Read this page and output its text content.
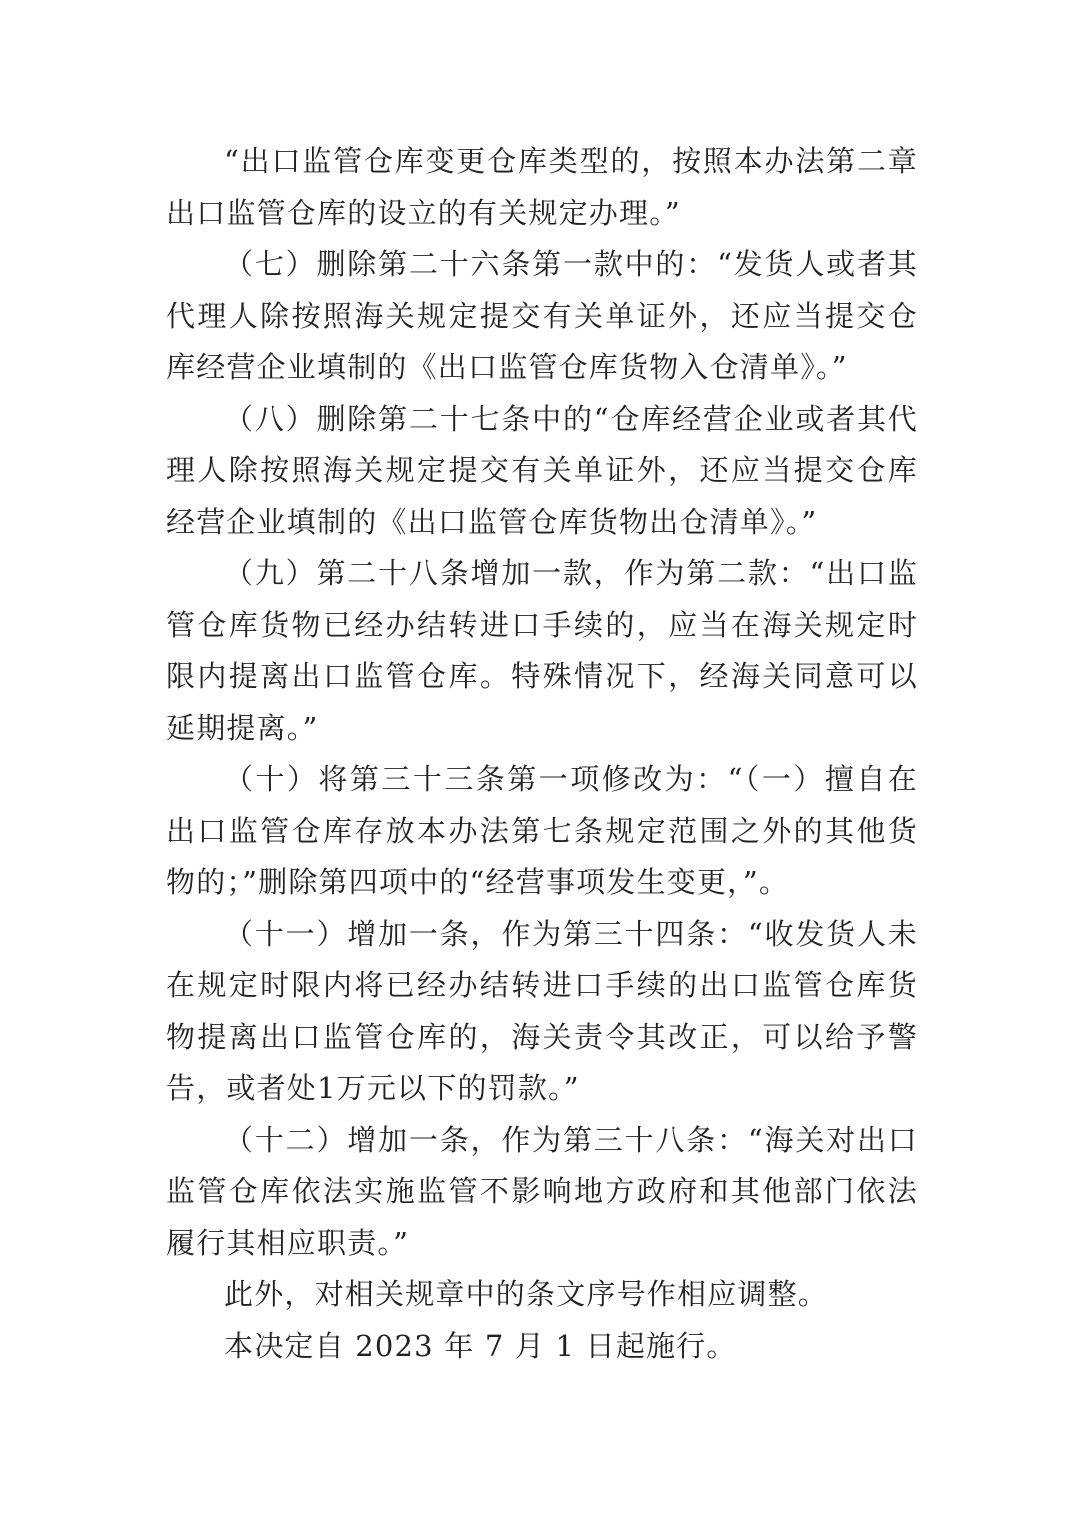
“出口监管仓库变更仓库类型的，按照本办法第二章出口监管仓库的设立的有关规定办理。”

（七）删除第二十六条第一款中的：“发货人或者其代理人除按照海关规定提交有关单证外，还应当提交仓库经营企业填制的《出口监管仓库货物入仓清单》。”

（八）删除第二十七条中的“仓库经营企业或者其代理人除按照海关规定提交有关单证外，还应当提交仓库经营企业填制的《出口监管仓库货物出仓清单》。”

（九）第二十八条增加一款，作为第二款：“出口监管仓库货物已经办结转进口手续的，应当在海关规定时限内提离出口监管仓库。特殊情况下，经海关同意可以延期提离。”

（十）将第三十三条第一项修改为：“（一）擅自在出口监管仓库存放本办法第七条规定范围之外的其他货物的；”删除第四项中的“经营事项发生变更，”。

（十一）增加一条，作为第三十四条：“收发货人未在规定时限内将已经办结转进口手续的出口监管仓库货物提离出口监管仓库的，海关责令其改正，可以给予警告，或者处1万元以下的罚款。”

（十二）增加一条，作为第三十八条：“海关对出口监管仓库依法实施监管不影响地方政府和其他部门依法履行其相应职责。”

此外，对相关规章中的条文序号作相应调整。

本决定自 2023 年 7 月 1 日起施行。
